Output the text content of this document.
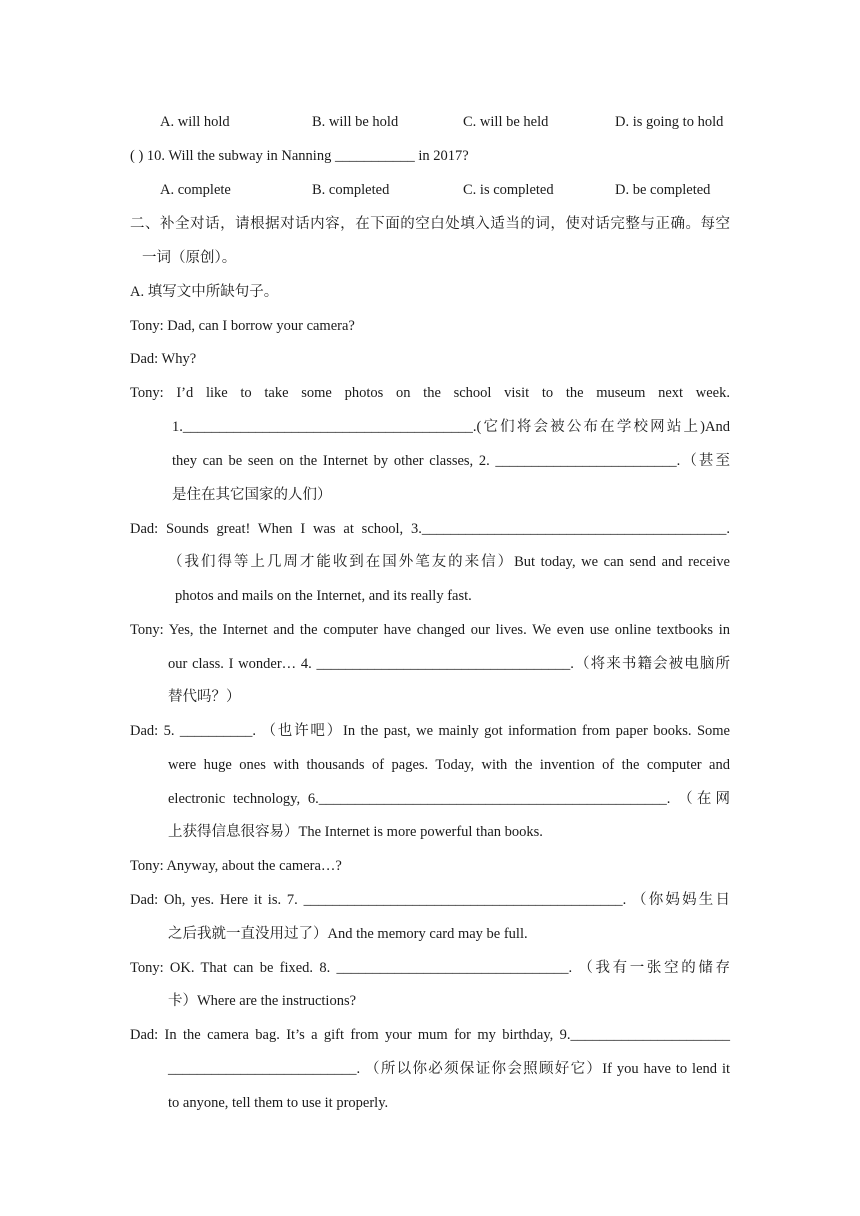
A. will hold	B. will be hold	C. will be held	D. is going to hold
( ) 10. Will the subway in Nanning ___________ in 2017?
A. complete	B. completed	C. is completed	D. be completed
二、补全对话，请根据对话内容，在下面的空白处填入适当的词，使对话完整与正确。每空
一词（原创）。
A. 填写文中所缺句子。
Tony: Dad, can I borrow your camera?
Dad: Why?
Tony: I’d like to take some photos on the school visit to the museum next week.
1.________________________________________.(它们将会被公布在学校网站上)And
they can be seen on the Internet by other classes, 2. _________________________.（甚至
是住在其它国家的人们）
Dad: Sounds great! When I was at school, 3.__________________________________________.
（我们得等上几周才能收到在国外笔友的来信）But today, we can send and receive
photos and mails on the Internet, and its really fast.
Tony: Yes, the Internet and the computer have changed our lives. We even use online textbooks in
our class. I wonder… 4. ___________________________________.（将来书籍会被电脑所
替代吗？）
Dad: 5. __________. （也许吧）In the past, we mainly got information from paper books. Some
were huge ones with thousands of pages. Today, with the invention of the computer and
electronic technology, 6.________________________________________________. （在网
上获得信息很容易）The Internet is more powerful than books.
Tony: Anyway, about the camera…?
Dad: Oh, yes. Here it is. 7. ____________________________________________. （你妈妈生日
之后我就一直没用过了）And the memory card may be full.
Tony: OK. That can be fixed. 8. ________________________________. （我有一张空的储存
卡）Where are the instructions?
Dad: In the camera bag. It’s a gift from your mum for my birthday, 9.______________________
__________________________. （所以你必须保证你会照顾好它）If you have to lend it
to anyone, tell them to use it properly.
